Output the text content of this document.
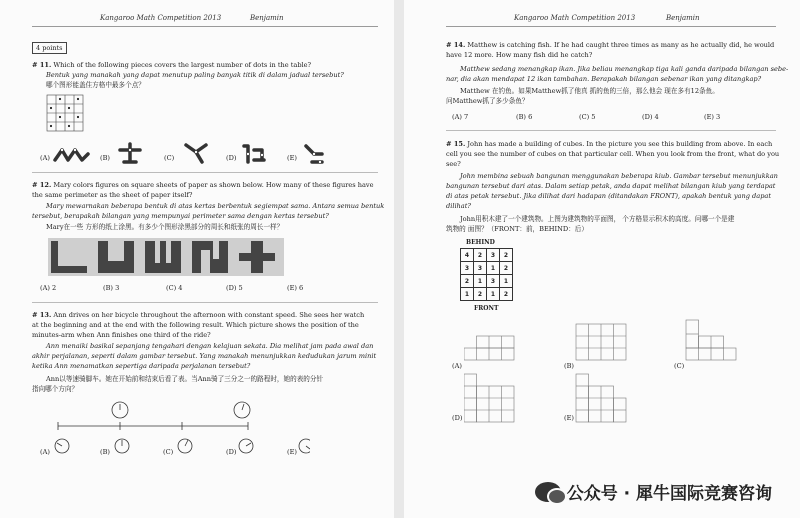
Kangaroo Math Competition 2013	Benjamin
4 points
# 11. Which of the following pieces covers the largest number of dots in the table?
Bentuk yang manakah yang dapat menutup paling banyak titik di dalam jadual tersebut?
哪个图形能盖住方格中最多个点？
(A)	(B)	(C)	(D)	(E)
# 12. Mary colors figures on square sheets of paper as shown below. How many of these figures have
the same perimeter as the sheet of paper itself?
Mary mewarnakan beberapa bentuk di atas kertas berbentuk segiempat sama. Antara semua bentuk
tersebut, berapakah bilangan yang mempunyai perimeter sama dengan kertas tersebut?
Mary在一些 方形的纸上涂黑。有多少个图形涂黑部分的周长和纸张的周长一样？
(A) 2	(B) 3	(C) 4	(D) 5	(E) 6
# 13. Ann drives on her bicycle throughout the afternoon with constant speed. She sees her watch
at the beginning and at the end with the following result. Which picture shows the position of the
minutes-arm when Ann finishes one third of the ride?
Ann menaiki basikal sepanjang tengahari dengan kelajuan sekata. Dia melihat jam pada awal dan
akhir perjalanan, seperti dalam gambar tersebut. Yang manakah menunjukkan kedudukan jarum minit
ketika Ann menamatkan sepertiga daripada perjalanan tersebut?
Ann以等速骑脚车。她在开始前和结束后看了表。当Ann骑了三分之一的路程时，她的表的分针
指向哪个方向？
(A)	(B)	(C)	(D)	(E)
Kangaroo Math Competition 2013	Benjamin
# 14. Matthew is catching fish. If he had caught three times as many as he actually did, he would
have 12 more. How many fish did he catch?
Matthew sedang menangkap ikan. Jika beliau menangkap tiga kali ganda daripada bilangan sebe-
nar, dia akan mendapat 12 ikan tambahan. Berapakah bilangan sebenar ikan yang ditangkap?
Matthew 在钓鱼。如果Matthew抓了他真 抓的鱼的三倍，那么他会 现在多有12条鱼。
问Matthew抓了多少条鱼？
(A) 7	(B) 6	(C) 5	(D) 4	(E) 3
# 15. John has made a building of cubes. In the picture you see this building from above. In each
cell you see the number of cubes on that particular cell. When you look from the front, what do you
see?
John membina sebuah bangunan menggunakan beberapa kiub. Gambar tersebut menunjukkan
bangunan tersebut dari atas. Dalam setiap petak, anda dapat melihat bilangan kiub yang terdapat
di atas petak tersebut. Jika dilihat dari hadapan (ditandakan FRONT), apakah bentuk yang dapat
dilihat?
John用积木建了一个建筑物。上图为建筑物的平面图， 个方格显示积木的高度。问哪一个是建
筑物的 面图？（FRONT：前，BEHIND：后）
BEHIND
4	2	3	2
3	3	1	2
2	1	3	1
1	2	1	2
FRONT
(A)	(B)	(C)
(D)	(E)
公众号 · 犀牛国际竞赛咨询
